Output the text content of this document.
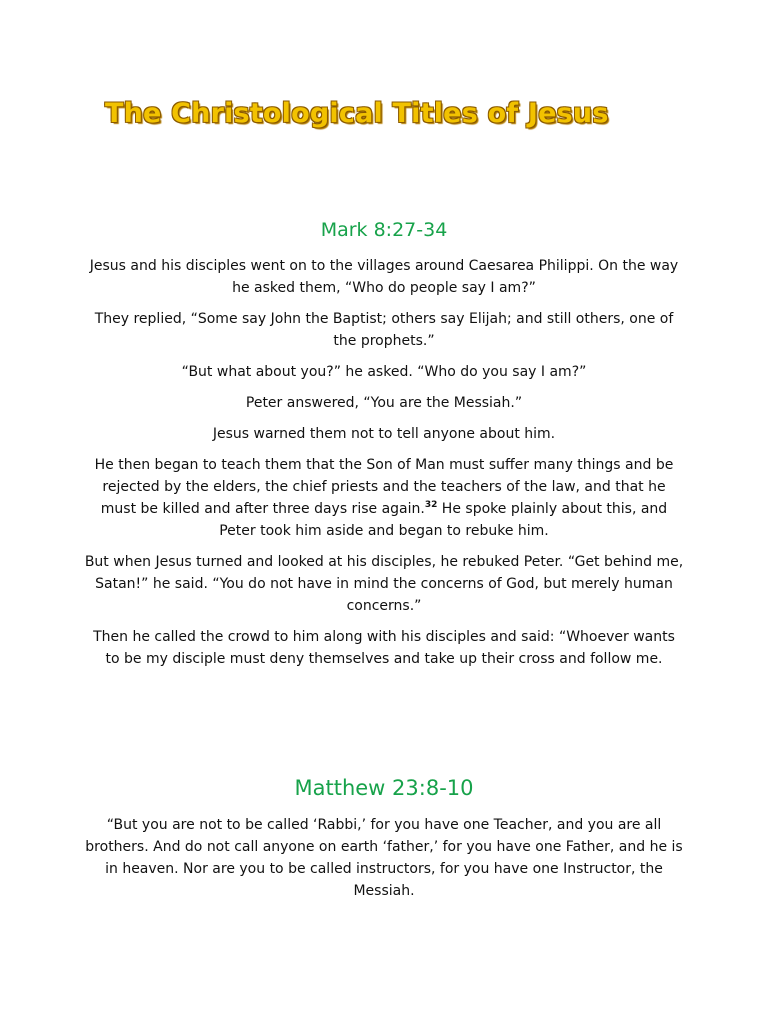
The Christological Titles of Jesus
Mark 8:27-34

Jesus and his disciples went on to the villages around Caesarea Philippi. On the way he asked them, “Who do people say I am?”

They replied, “Some say John the Baptist; others say Elijah; and still others, one of the prophets.”

“But what about you?” he asked. “Who do you say I am?”

Peter answered, “You are the Messiah.”

Jesus warned them not to tell anyone about him.

He then began to teach them that the Son of Man must suffer many things and be rejected by the elders, the chief priests and the teachers of the law, and that he must be killed and after three days rise again.$^{32}$ He spoke plainly about this, and Peter took him aside and began to rebuke him.

But when Jesus turned and looked at his disciples, he rebuked Peter. “Get behind me, Satan!” he said. “You do not have in mind the concerns of God, but merely human concerns.”

Then he called the crowd to him along with his disciples and said: “Whoever wants to be my disciple must deny themselves and take up their cross and follow me.

Matthew 23:8-10

“But you are not to be called ‘Rabbi,’ for you have one Teacher, and you are all brothers. And do not call anyone on earth ‘father,’ for you have one Father, and he is in heaven. Nor are you to be called instructors, for you have one Instructor, the Messiah.
